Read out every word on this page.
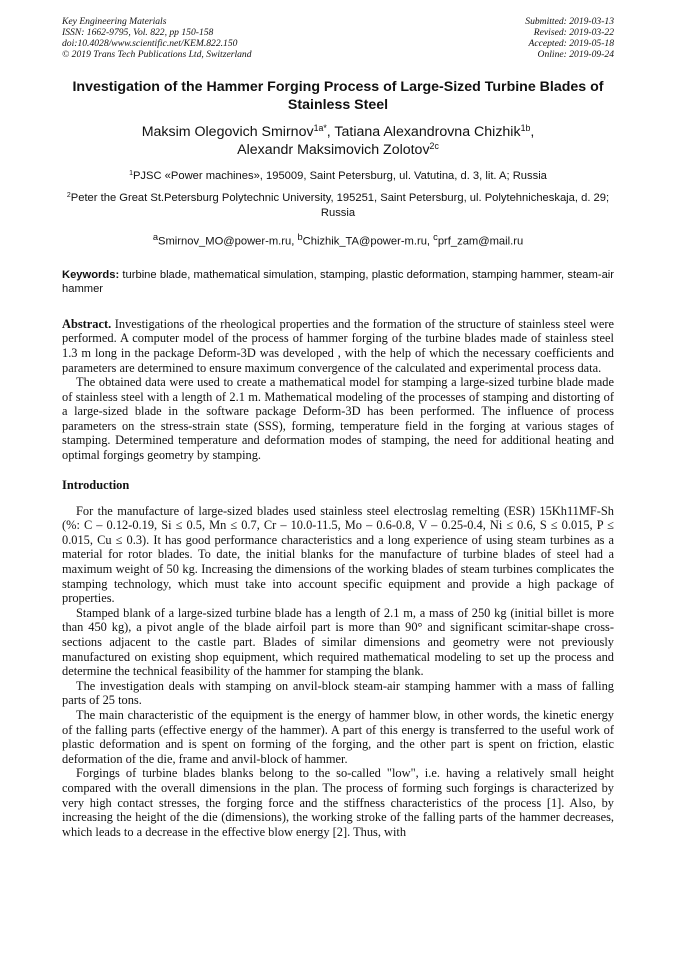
Key Engineering Materials
ISSN: 1662-9795, Vol. 822, pp 150-158
doi:10.4028/www.scientific.net/KEM.822.150
© 2019 Trans Tech Publications Ltd, Switzerland
Submitted: 2019-03-13
Revised: 2019-03-22
Accepted: 2019-05-18
Online: 2019-09-24
Investigation of the Hammer Forging Process of Large-Sized Turbine Blades of Stainless Steel
Maksim Olegovich Smirnov$^{1a*}$, Tatiana Alexandrovna Chizhik$^{1b}$,
Alexandr Maksimovich Zolotov$^{2c}$
$^1$PJSC «Power machines», 195009, Saint Petersburg, ul. Vatutina, d. 3, lit. A; Russia
$^2$Peter the Great St.Petersburg Polytechnic University, 195251, Saint Petersburg, ul. Polytehnicheskaja, d. 29; Russia
$^a$Smirnov_MO@power-m.ru, $^b$Chizhik_TA@power-m.ru, $^c$prf_zam@mail.ru
Keywords: turbine blade, mathematical simulation, stamping, plastic deformation, stamping hammer, steam-air hammer

Abstract. Investigations of the rheological properties and the formation of the structure of stainless steel were performed. A computer model of the process of hammer forging of the turbine blades made of stainless steel 1.3 m long in the package Deform-3D was developed , with the help of which the necessary coefficients and parameters are determined to ensure maximum convergence of the calculated and experimental process data.

The obtained data were used to create a mathematical model for stamping a large-sized turbine blade made of stainless steel with a length of 2.1 m. Mathematical modeling of the processes of stamping and distorting of a large-sized blade in the software package Deform-3D has been performed. The influence of process parameters on the stress-strain state (SSS), forming, temperature field in the forging at various stages of stamping. Determined temperature and deformation modes of stamping, the need for additional heating and optimal forgings geometry by stamping.

Introduction

For the manufacture of large-sized blades used stainless steel electroslag remelting (ESR) 15Kh11MF-Sh (%: C – 0.12-0.19, Si ≤ 0.5, Mn ≤ 0.7, Cr – 10.0-11.5, Mo – 0.6-0.8, V – 0.25-0.4, Ni ≤ 0.6, S ≤ 0.015, P ≤ 0.015, Cu ≤ 0.3). It has good performance characteristics and a long experience of using steam turbines as a material for rotor blades. To date, the initial blanks for the manufacture of turbine blades of steel had a maximum weight of 50 kg. Increasing the dimensions of the working blades of steam turbines complicates the stamping technology, which must take into account specific equipment and provide a high package of properties.

Stamped blank of a large-sized turbine blade has a length of 2.1 m, a mass of 250 kg (initial billet is more than 450 kg), a pivot angle of the blade airfoil part is more than 90° and significant scimitar-shape cross-sections adjacent to the castle part. Blades of similar dimensions and geometry were not previously manufactured on existing shop equipment, which required mathematical modeling to set up the process and determine the technical feasibility of the hammer for stamping the blank.

The investigation deals with stamping on anvil-block steam-air stamping hammer with a mass of falling parts of 25 tons.

The main characteristic of the equipment is the energy of hammer blow, in other words, the kinetic energy of the falling parts (effective energy of the hammer). A part of this energy is transferred to the useful work of plastic deformation and is spent on forming of the forging, and the other part is spent on friction, elastic deformation of the die, frame and anvil-block of hammer.

Forgings of turbine blades blanks belong to the so-called "low", i.e. having a relatively small height compared with the overall dimensions in the plan. The process of forming such forgings is characterized by very high contact stresses, the forging force and the stiffness characteristics of the process [1]. Also, by increasing the height of the die (dimensions), the working stroke of the falling parts of the hammer decreases, which leads to a decrease in the effective blow energy [2]. Thus, with
